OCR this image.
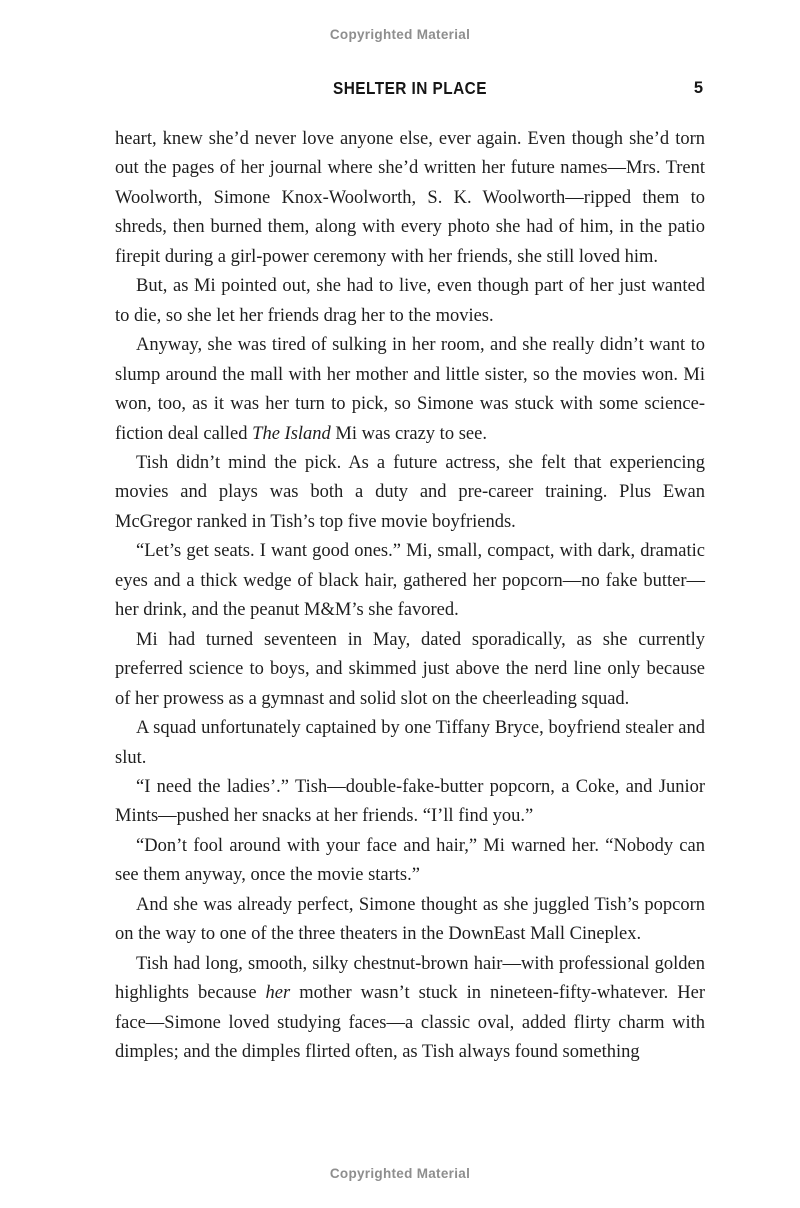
Copyrighted Material
SHELTER IN PLACE	5

heart, knew she’d never love anyone else, ever again. Even though she’d torn out the pages of her journal where she’d written her future names—Mrs. Trent Woolworth, Simone Knox-Woolworth, S. K. Woolworth—ripped them to shreds, then burned them, along with every photo she had of him, in the patio firepit during a girl-power ceremony with her friends, she still loved him.

But, as Mi pointed out, she had to live, even though part of her just wanted to die, so she let her friends drag her to the movies.

Anyway, she was tired of sulking in her room, and she really didn’t want to slump around the mall with her mother and little sister, so the movies won. Mi won, too, as it was her turn to pick, so Simone was stuck with some science-fiction deal called The Island Mi was crazy to see.

Tish didn’t mind the pick. As a future actress, she felt that experiencing movies and plays was both a duty and pre-career training. Plus Ewan McGregor ranked in Tish’s top five movie boyfriends.

“Let’s get seats. I want good ones.” Mi, small, compact, with dark, dramatic eyes and a thick wedge of black hair, gathered her popcorn—no fake butter—her drink, and the peanut M&M’s she favored.

Mi had turned seventeen in May, dated sporadically, as she currently preferred science to boys, and skimmed just above the nerd line only because of her prowess as a gymnast and solid slot on the cheerleading squad.

A squad unfortunately captained by one Tiffany Bryce, boyfriend stealer and slut.

“I need the ladies’.” Tish—double-fake-butter popcorn, a Coke, and Junior Mints—pushed her snacks at her friends. “I’ll find you.”

“Don’t fool around with your face and hair,” Mi warned her. “Nobody can see them anyway, once the movie starts.”

And she was already perfect, Simone thought as she juggled Tish’s popcorn on the way to one of the three theaters in the DownEast Mall Cineplex.

Tish had long, smooth, silky chestnut-brown hair—with professional golden highlights because her mother wasn’t stuck in nineteen-fifty-whatever. Her face—Simone loved studying faces—a classic oval, added flirty charm with dimples; and the dimples flirted often, as Tish always found something

Copyrighted Material
